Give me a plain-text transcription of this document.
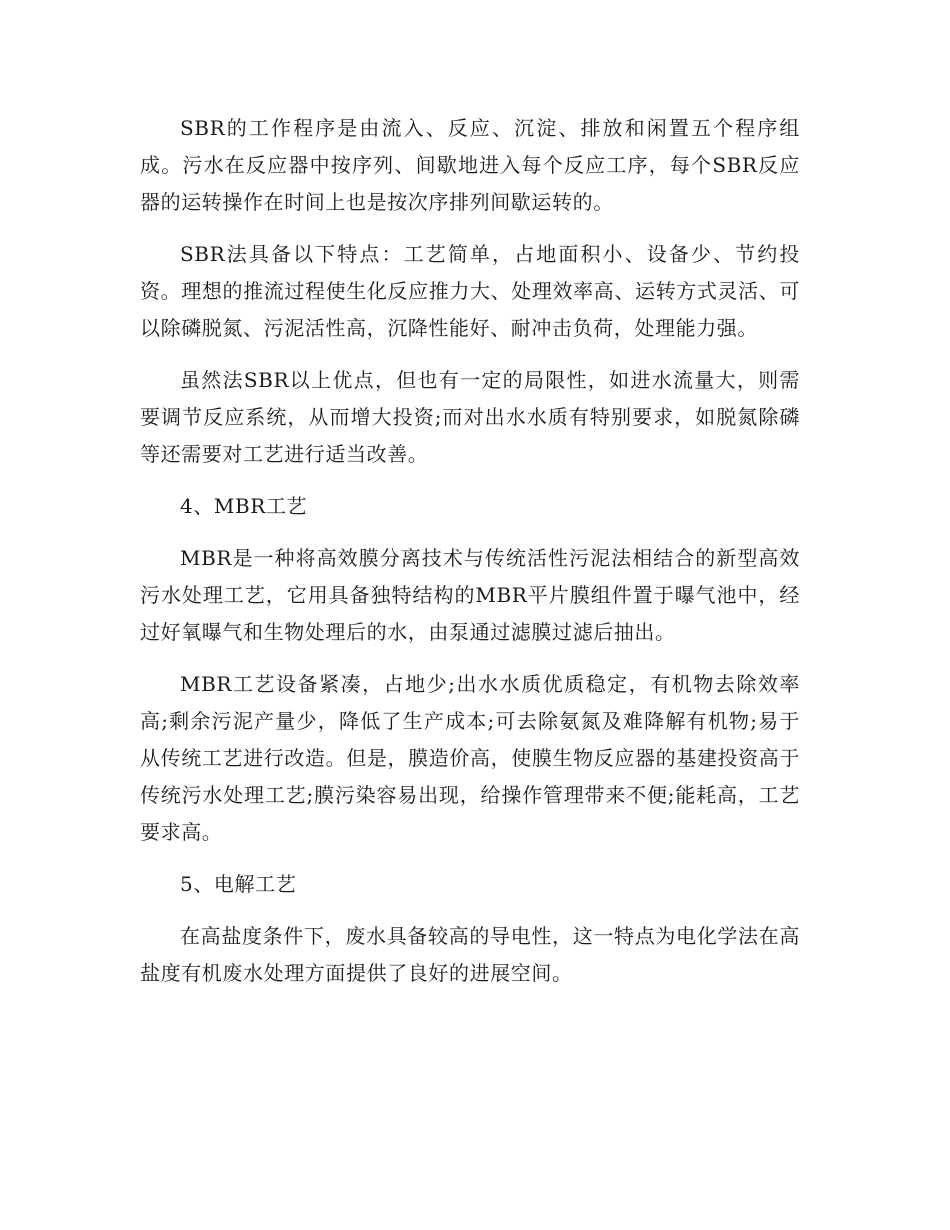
SBR的工作程序是由流入、反应、沉淀、排放和闲置五个程序组成。污水在反应器中按序列、间歇地进入每个反应工序，每个SBR反应器的运转操作在时间上也是按次序排列间歇运转的。

SBR法具备以下特点：工艺简单，占地面积小、设备少、节约投资。理想的推流过程使生化反应推力大、处理效率高、运转方式灵活、可以除磷脱氮、污泥活性高，沉降性能好、耐冲击负荷，处理能力强。

虽然法SBR以上优点，但也有一定的局限性，如进水流量大，则需要调节反应系统，从而增大投资;而对出水水质有特别要求，如脱氮除磷等还需要对工艺进行适当改善。

4、MBR工艺

MBR是一种将高效膜分离技术与传统活性污泥法相结合的新型高效污水处理工艺，它用具备独特结构的MBR平片膜组件置于曝气池中，经过好氧曝气和生物处理后的水，由泵通过滤膜过滤后抽出。

MBR工艺设备紧凑，占地少;出水水质优质稳定，有机物去除效率高;剩余污泥产量少，降低了生产成本;可去除氨氮及难降解有机物;易于从传统工艺进行改造。但是，膜造价高，使膜生物反应器的基建投资高于传统污水处理工艺;膜污染容易出现，给操作管理带来不便;能耗高，工艺要求高。

5、电解工艺

在高盐度条件下，废水具备较高的导电性，这一特点为电化学法在高盐度有机废水处理方面提供了良好的进展空间。
